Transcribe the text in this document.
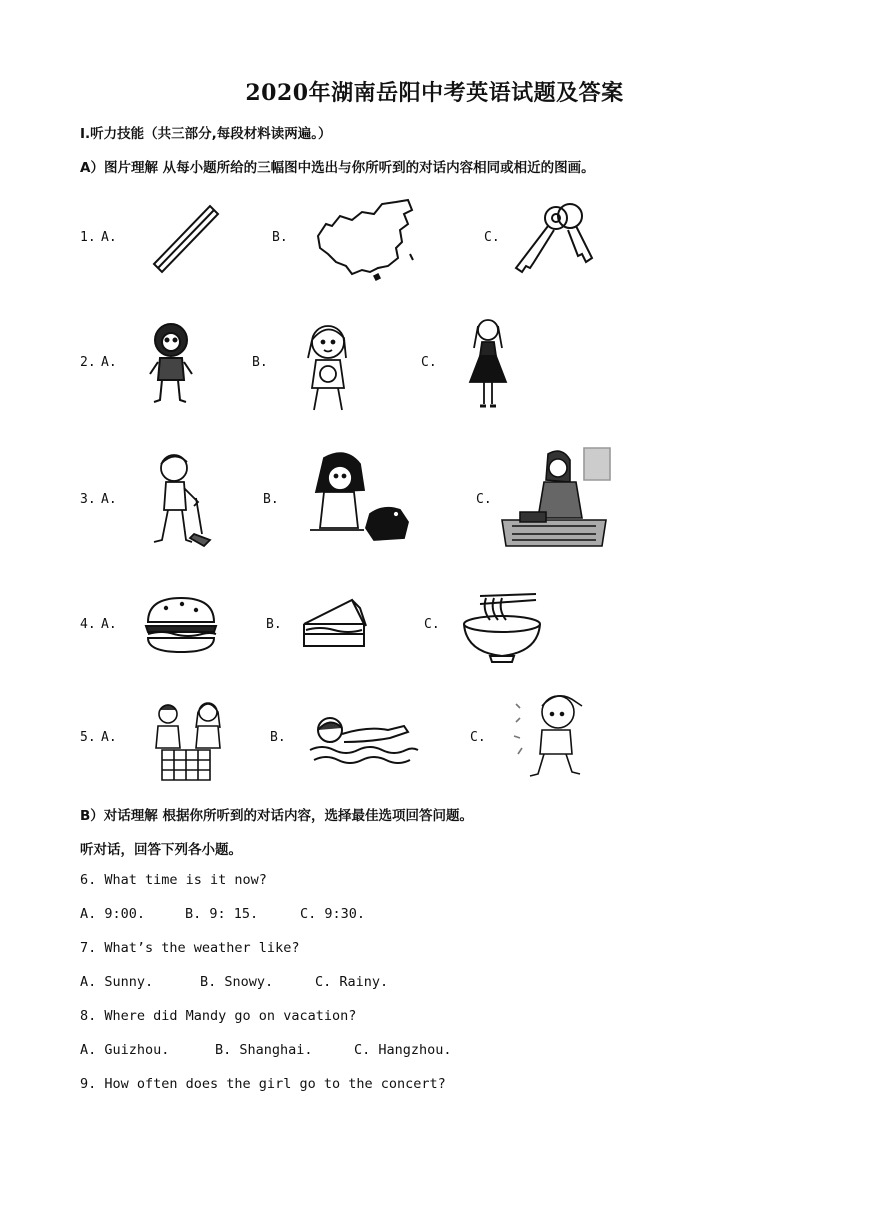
2020年湖南岳阳中考英语试题及答案
I.听力技能（共三部分,每段材料读两遍。）
A）图片理解 从每小题所给的三幅图中选出与你所听到的对话内容相同或相近的图画。
1. A.	B.	C.
2. A.	B.	C.
3. A.	B.	C.
4. A.	B.	C.
5. A.	B.	C.
B）对话理解 根据你所听到的对话内容，选择最佳选项回答问题。
听对话，回答下列各小题。
6. What time is it now?
A. 9:00.	B. 9: 15.	C. 9:30.
7. What’s the weather like?
A. Sunny.	B. Snowy.	C. Rainy.
8. Where did Mandy go on vacation?
A. Guizhou.	B. Shanghai.	C. Hangzhou.
9. How often does the girl go to the concert?
